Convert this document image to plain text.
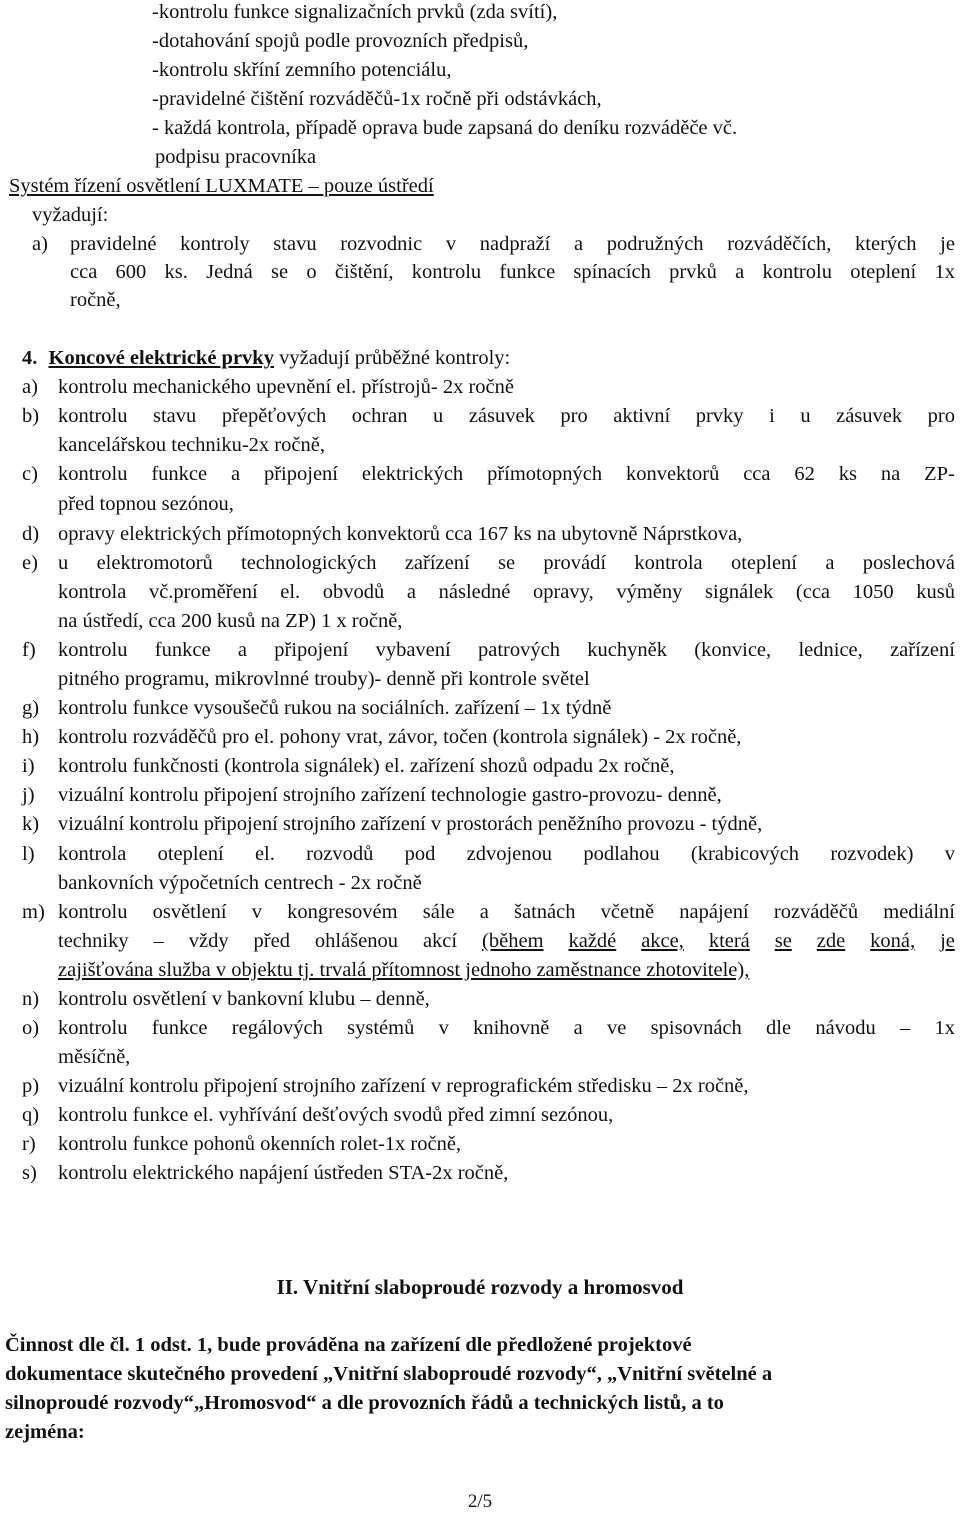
-kontrolu funkce signalizačních prvků (zda svítí),
-dotahování spojů podle provozních předpisů,
-kontrolu skříní zemního potenciálu,
-pravidelné čištění rozváděčů-1x ročně při odstávkách,
- každá kontrola, případě oprava bude zapsaná do deníku rozváděče vč.
podpisu pracovníka
Systém řízení osvětlení LUXMATE – pouze ústředí
vyžadují:
a) pravidelné kontroly stavu rozvodnic v nadpraží a podružných rozváděčích, kterých je
cca 600 ks. Jedná se o čištění, kontrolu funkce spínacích prvků a kontrolu oteplení 1x
ročně,
4. Koncové elektrické prvky vyžadují průběžné kontroly:
a) kontrolu mechanického upevnění el. přístrojů- 2x ročně
b) kontrolu stavu přepěťových ochran u zásuvek pro aktivní prvky i u zásuvek pro
kancelářskou techniku-2x ročně,
c) kontrolu funkce a připojení elektrických přímotopných konvektorů cca 62 ks na ZP-
před topnou sezónou,
d) opravy elektrických přímotopných konvektorů cca 167 ks na ubytovně Náprstkova,
e) u elektromotorů technologických zařízení se provádí kontrola oteplení a poslechová
kontrola vč.proměření el. obvodů a následné opravy, výměny signálek (cca 1050 kusů
na ústředí, cca 200 kusů na ZP) 1 x ročně,
f) kontrolu funkce a připojení vybavení patrových kuchyněk (konvice, lednice, zařízení
pitného programu, mikrovlnné trouby)- denně při kontrole světel
g) kontrolu funkce vysoušečů rukou na sociálních. zařízení – 1x týdně
h) kontrolu rozváděčů pro el. pohony vrat, závor, točen (kontrola signálek) - 2x ročně,
i) kontrolu funkčnosti (kontrola signálek) el. zařízení shozů odpadu 2x ročně,
j) vizuální kontrolu připojení strojního zařízení technologie gastro-provozu- denně,
k) vizuální kontrolu připojení strojního zařízení v prostorách peněžního provozu - týdně,
l) kontrola oteplení el. rozvodů pod zdvojenou podlahou (krabicových rozvodek) v
bankovních výpočetních centrech - 2x ročně
m) kontrolu osvětlení v kongresovém sále a šatnách včetně napájení rozváděčů mediální
techniky – vždy před ohlášenou akcí (během každé akce, která se zde koná, je
zajišťována služba v objektu tj. trvalá přítomnost jednoho zaměstnance zhotovitele),
n) kontrolu osvětlení v bankovní klubu – denně,
o) kontrolu funkce regálových systémů v knihovně a ve spisovnách dle návodu – 1x
měsíčně,
p) vizuální kontrolu připojení strojního zařízení v reprografickém středisku – 2x ročně,
q) kontrolu funkce el. vyhřívání dešťových svodů před zimní sezónou,
r) kontrolu funkce pohonů okenních rolet-1x ročně,
s) kontrolu elektrického napájení ústředen STA-2x ročně,
II. Vnitřní slaboproudé rozvody a hromosvod
Činnost dle čl. 1 odst. 1, bude prováděna na zařízení dle předložené projektové
dokumentace skutečného provedení „Vnitřní slaboproudé rozvody“, „Vnitřní světelné a
silnoproudé rozvody“„Hromosvod“ a dle provozních řádů a technických listů, a to
zejména:
2/5
